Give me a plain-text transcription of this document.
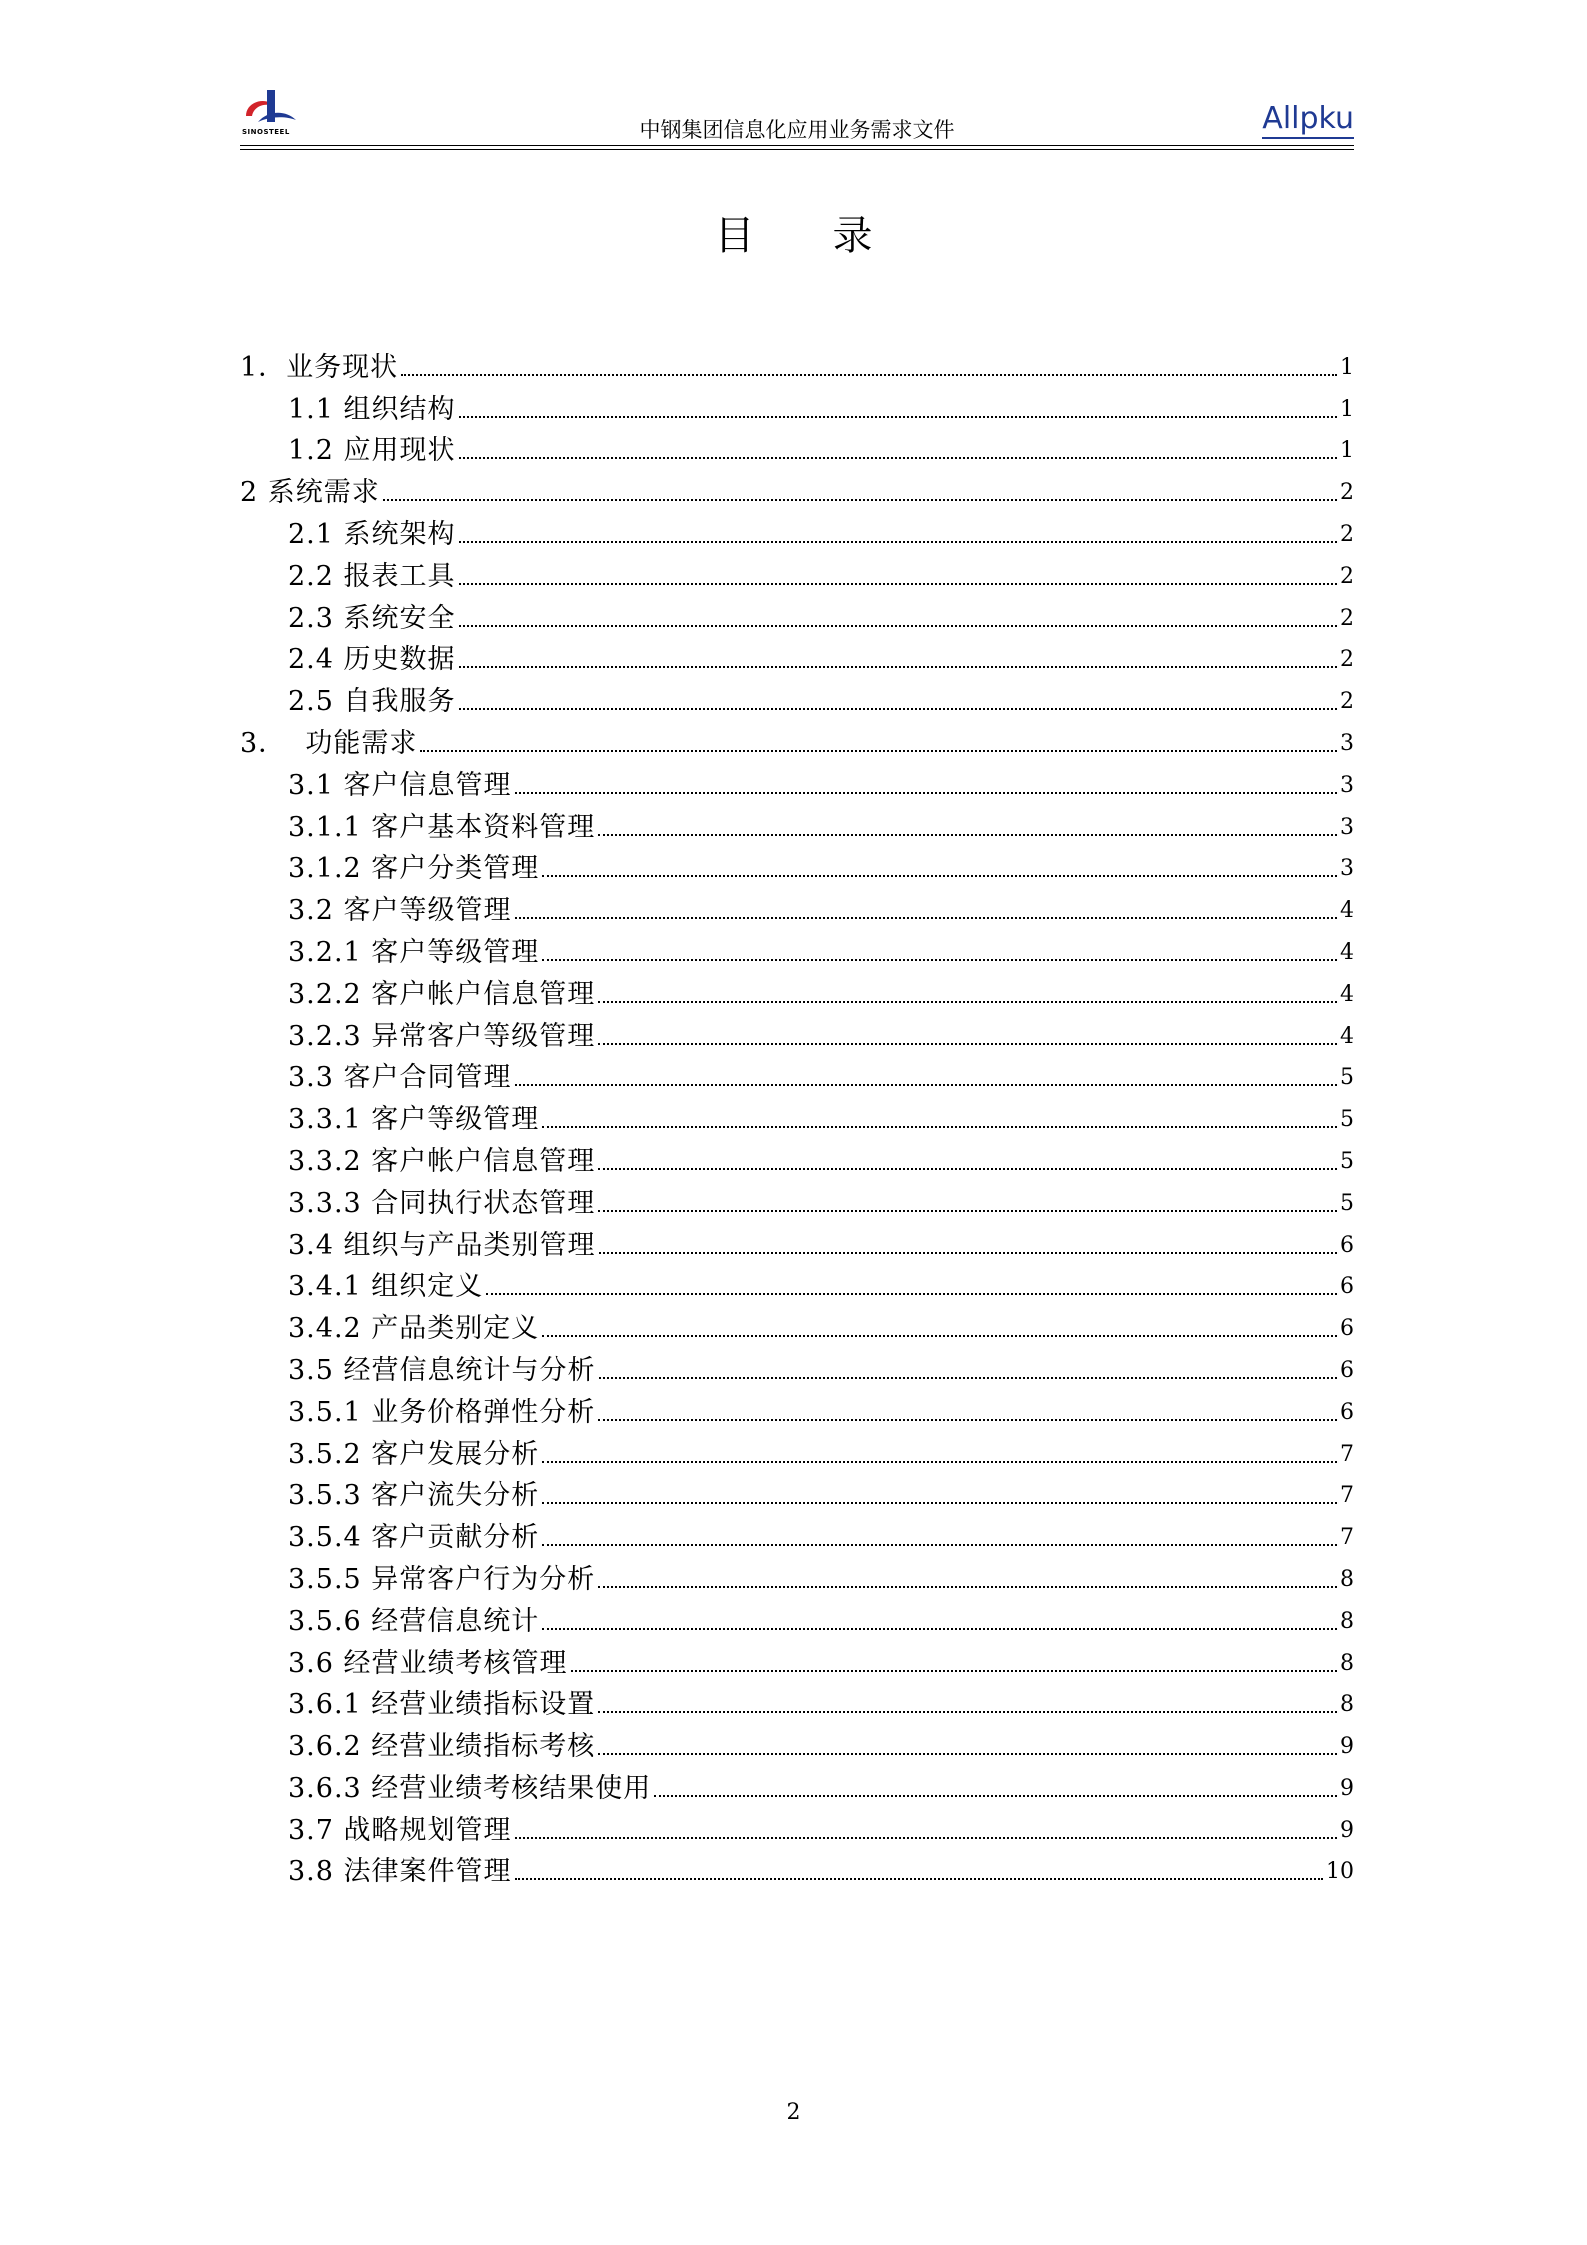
SINOSTEEL	中钢集团信息化应用业务需求文件	Allpku
目录
1．业务现状	1
1.1 组织结构	1
1.2 应用现状	1
2 系统需求	2
2.1 系统架构	2
2.2 报表工具	2
2.3 系统安全	2
2.4 历史数据	2
2.5 自我服务	2
3．  功能需求	3
3.1 客户信息管理	3
3.1.1 客户基本资料管理	3
3.1.2 客户分类管理	3
3.2 客户等级管理	4
3.2.1 客户等级管理	4
3.2.2 客户帐户信息管理	4
3.2.3 异常客户等级管理	4
3.3 客户合同管理	5
3.3.1 客户等级管理	5
3.3.2 客户帐户信息管理	5
3.3.3 合同执行状态管理	5
3.4 组织与产品类别管理	6
3.4.1 组织定义	6
3.4.2 产品类别定义	6
3.5 经营信息统计与分析	6
3.5.1 业务价格弹性分析	6
3.5.2 客户发展分析	7
3.5.3 客户流失分析	7
3.5.4 客户贡献分析	7
3.5.5 异常客户行为分析	8
3.5.6 经营信息统计	8
3.6 经营业绩考核管理	8
3.6.1 经营业绩指标设置	8
3.6.2 经营业绩指标考核	9
3.6.3 经营业绩考核结果使用	9
3.7 战略规划管理	9
3.8 法律案件管理	10
2
